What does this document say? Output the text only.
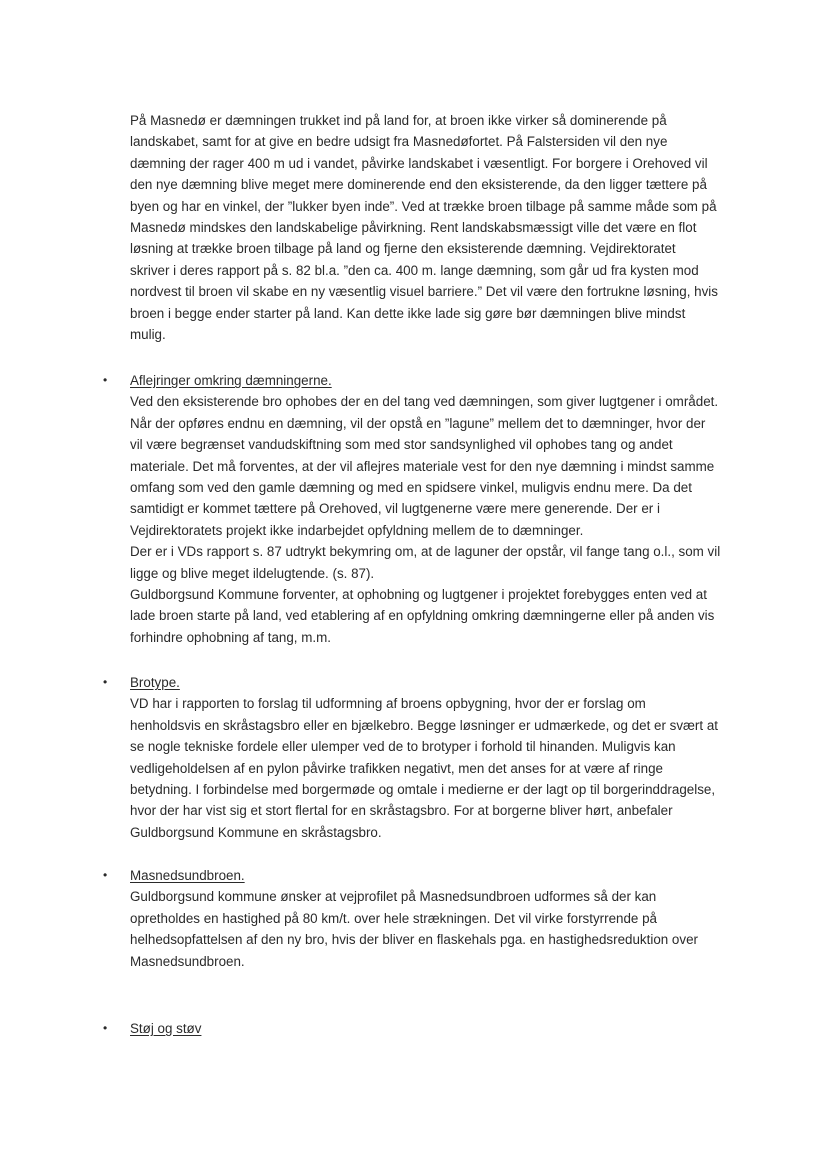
På Masnedø er dæmningen trukket ind på land for, at broen ikke virker så dominerende på
landskabet, samt for at give en bedre udsigt fra Masnedøfortet. På Falstersiden vil den nye
dæmning der rager 400 m ud i vandet, påvirke landskabet i væsentligt. For borgere i Orehoved vil
den nye dæmning blive meget mere dominerende end den eksisterende, da den ligger tættere på
byen og har en vinkel, der ”lukker byen inde”. Ved at trække broen tilbage på samme måde som på
Masnedø mindskes den landskabelige påvirkning. Rent landskabsmæssigt ville det være en flot
løsning at trække broen tilbage på land og fjerne den eksisterende dæmning. Vejdirektoratet
skriver i deres rapport på s. 82 bl.a. ”den ca. 400 m. lange dæmning, som går ud fra kysten mod
nordvest til broen vil skabe en ny væsentlig visuel barriere.” Det vil være den fortrukne løsning, hvis
broen i begge ender starter på land. Kan dette ikke lade sig gøre bør dæmningen blive mindst
mulig.
• Aflejringer omkring dæmningerne.
Ved den eksisterende bro ophobes der en del tang ved dæmningen, som giver lugtgener i området.
Når der opføres endnu en dæmning, vil der opstå en ”lagune” mellem det to dæmninger, hvor der
vil være begrænset vandudskiftning som med stor sandsynlighed vil ophobes tang og andet
materiale. Det må forventes, at der vil aflejres materiale vest for den nye dæmning i mindst samme
omfang som ved den gamle dæmning og med en spidsere vinkel, muligvis endnu mere. Da det
samtidigt er kommet tættere på Orehoved, vil lugtgenerne være mere generende. Der er i
Vejdirektoratets projekt ikke indarbejdet opfyldning mellem de to dæmninger.
Der er i VDs rapport s. 87 udtrykt bekymring om, at de laguner der opstår, vil fange tang o.l., som vil
ligge og blive meget ildelugtende. (s. 87).
Guldborgsund Kommune forventer, at ophobning og lugtgener i projektet forebygges enten ved at
lade broen starte på land, ved etablering af en opfyldning omkring dæmningerne eller på anden vis
forhindre ophobning af tang, m.m.
• Brotype.
VD har i rapporten to forslag til udformning af broens opbygning, hvor der er forslag om
henholdsvis en skråstagsbro eller en bjælkebro. Begge løsninger er udmærkede, og det er svært at
se nogle tekniske fordele eller ulemper ved de to brotyper i forhold til hinanden. Muligvis kan
vedligeholdelsen af en pylon påvirke trafikken negativt, men det anses for at være af ringe
betydning. I forbindelse med borgermøde og omtale i medierne er der lagt op til borgerinddragelse,
hvor der har vist sig et stort flertal for en skråstagsbro. For at borgerne bliver hørt, anbefaler
Guldborgsund Kommune en skråstagsbro.
• Masnedsundbroen.
Guldborgsund kommune ønsker at vejprofilet på Masnedsundbroen udformes så der kan
opretholdes en hastighed på 80 km/t. over hele strækningen. Det vil virke forstyrrende på
helhedsopfattelsen af den ny bro, hvis der bliver en flaskehals pga. en hastighedsreduktion over
Masnedsundbroen.
• Støj og støv
